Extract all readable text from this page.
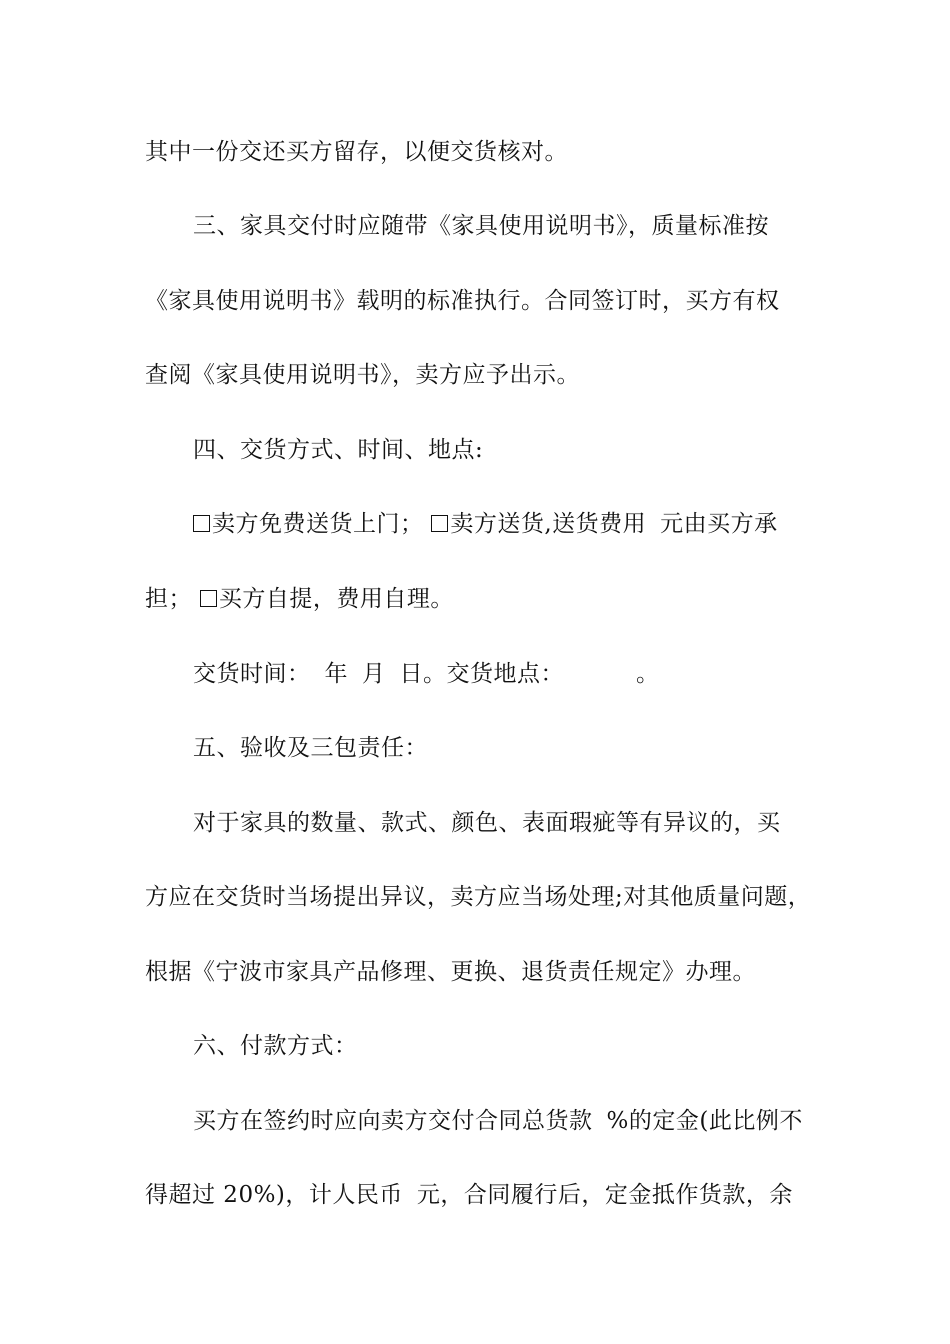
其中一份交还买方留存，以便交货核对。
三、家具交付时应随带《家具使用说明书》，质量标准按
《家具使用说明书》载明的标准执行。合同签订时，买方有权
查阅《家具使用说明书》，卖方应予出示。
四、交货方式、时间、地点:
卖方免费送货上门； 卖方送货,送货费用 元由买方承
担； 买方自提，费用自理。
交货时间： 年 月 日。交货地点：	。
五、验收及三包责任：
对于家具的数量、款式、颜色、表面瑕疵等有异议的，买
方应在交货时当场提出异议，卖方应当场处理;对其他质量问题，
根据《宁波市家具产品修理、更换、退货责任规定》办理。
六、付款方式：
买方在签约时应向卖方交付合同总货款 %的定金(此比例不
得超过 20%)，计人民币 元，合同履行后，定金抵作货款，余
